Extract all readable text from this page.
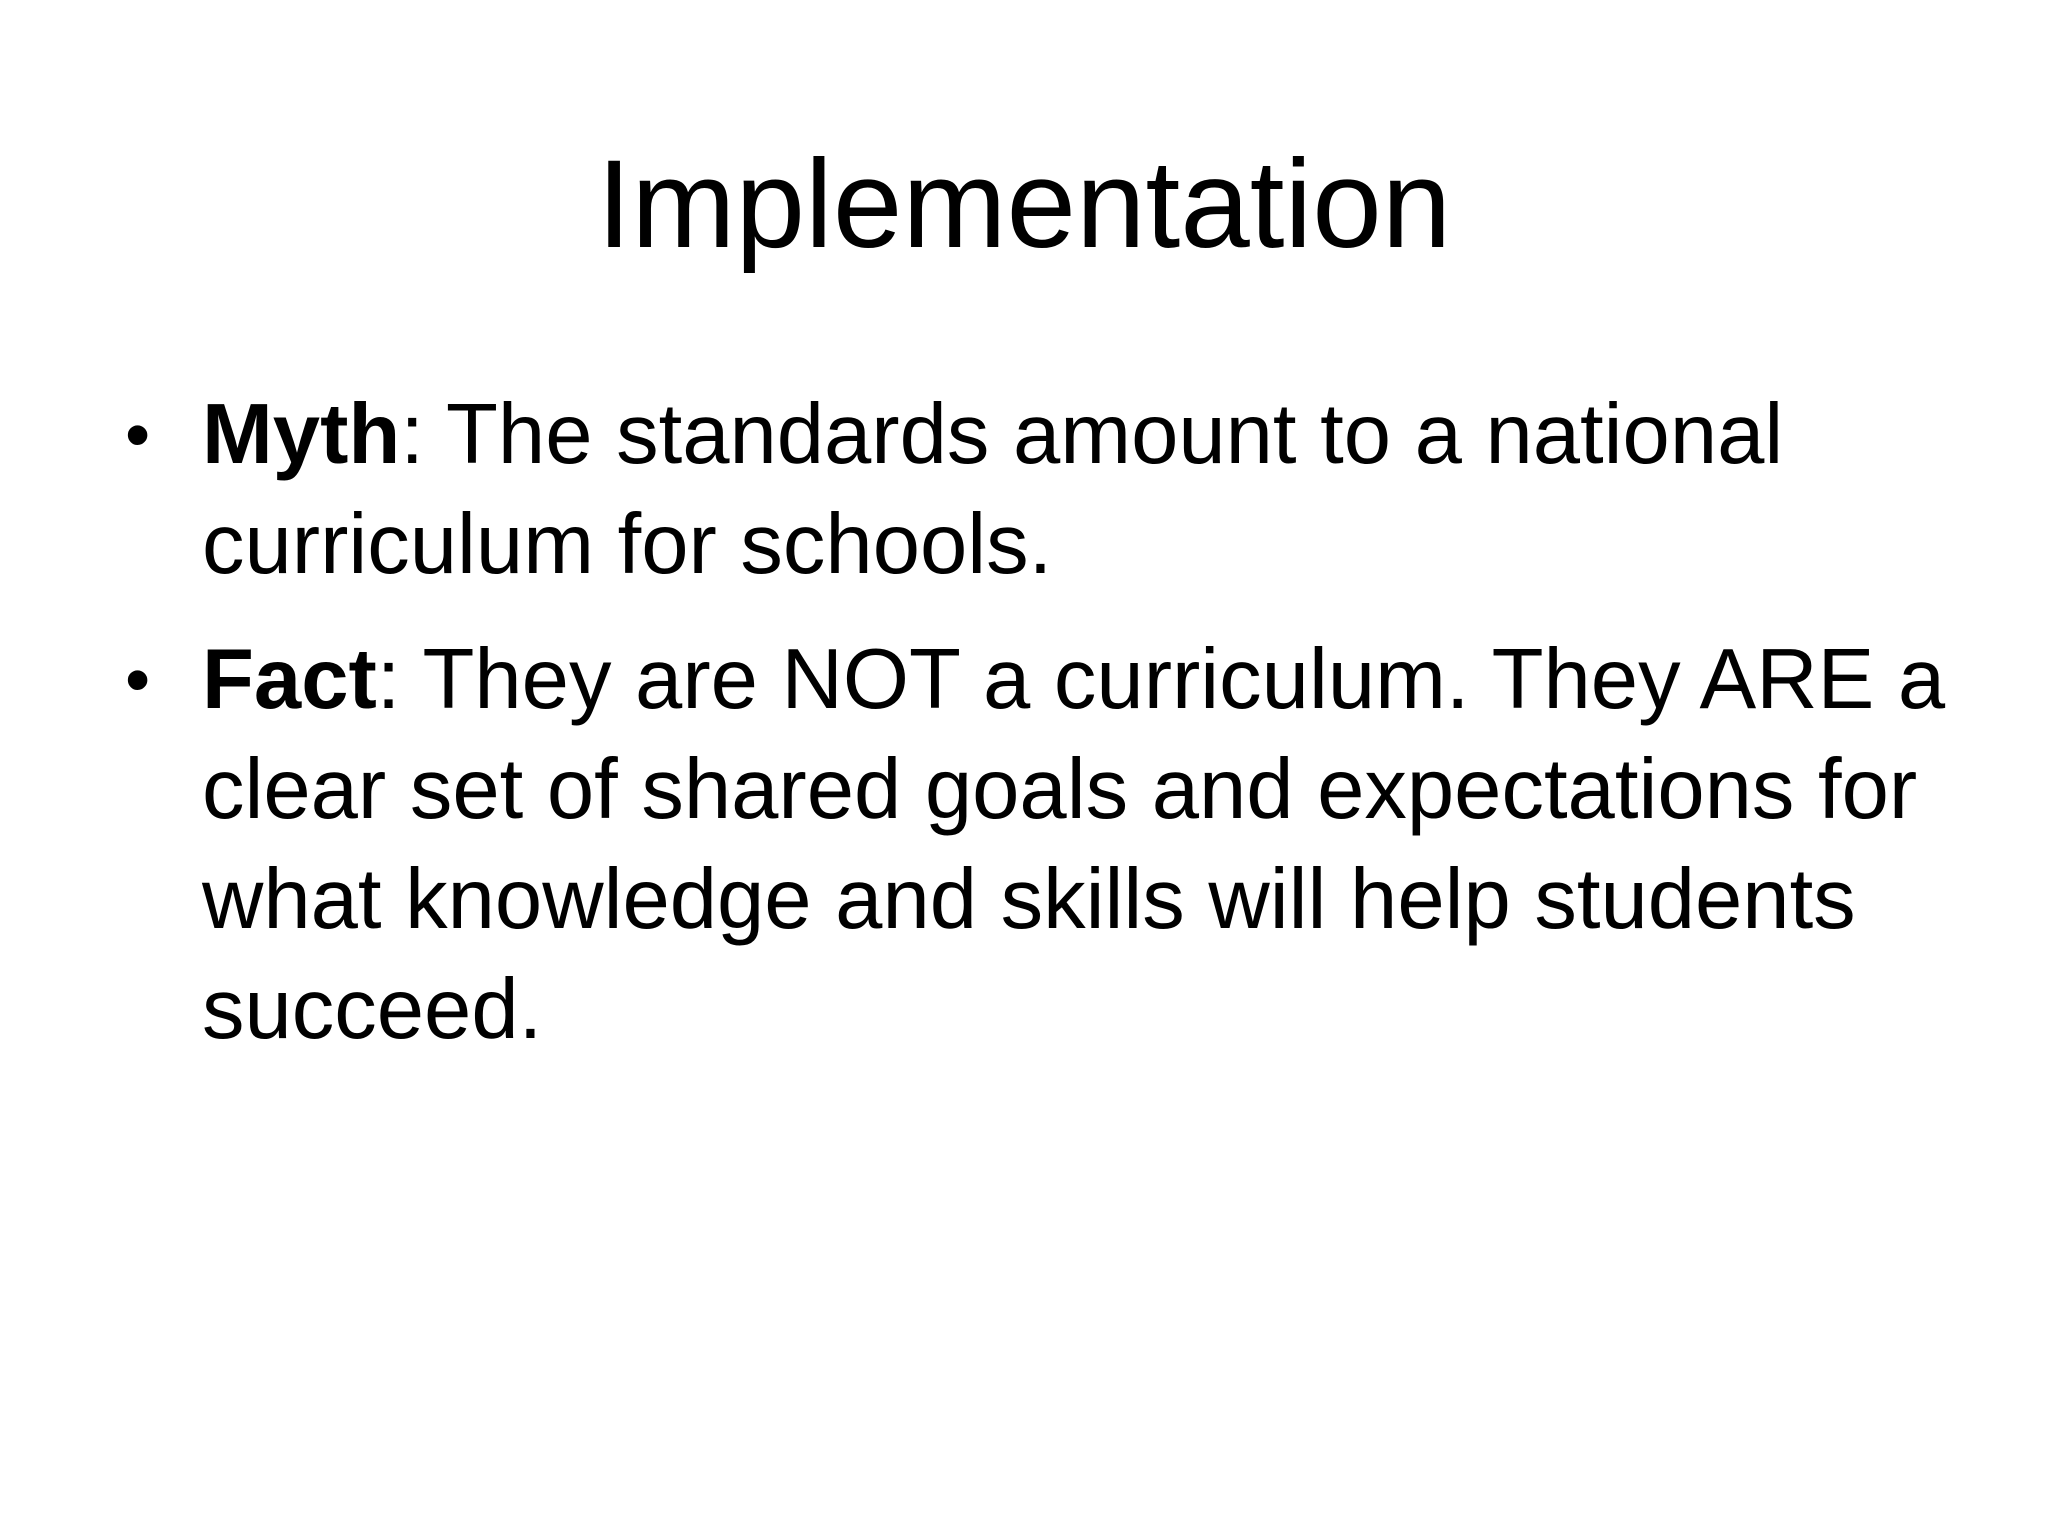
Implementation
• Myth: The standards amount to a national curriculum for schools.
• Fact: They are NOT a curriculum. They ARE a clear set of shared goals and expectations for what knowledge and skills will help students succeed.
